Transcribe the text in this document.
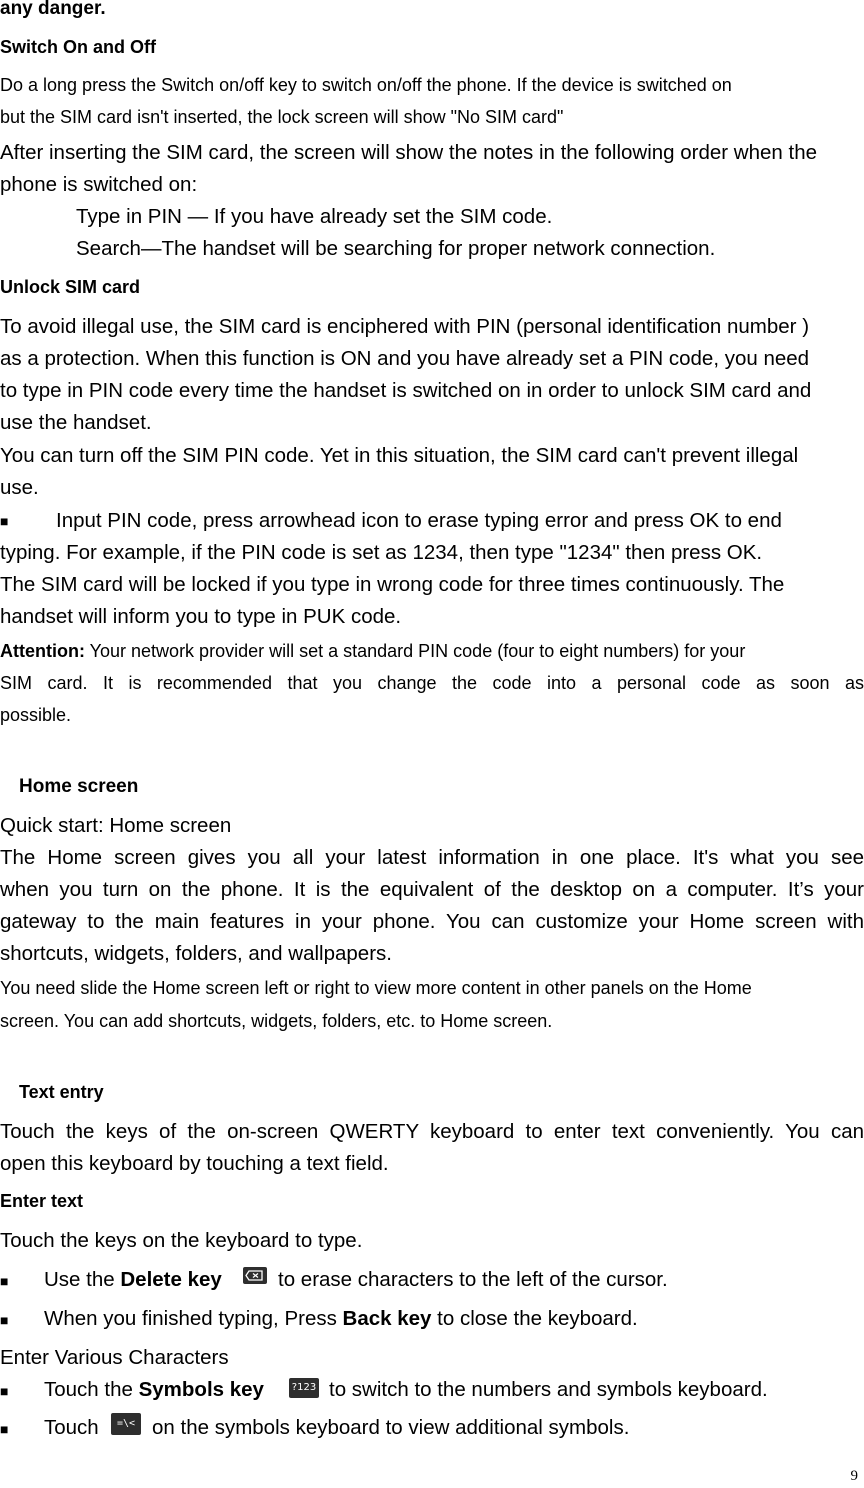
any danger.
Switch On and Off
Do a long press the Switch on/off key to switch on/off the phone. If the device is switched on
but the SIM card isn't inserted, the lock screen will show "No SIM card"
After inserting the SIM card, the screen will show the notes in the following order when the
phone is switched on:
Type in PIN — If you have already set the SIM code.
Search—The handset will be searching for proper network connection.
Unlock SIM card
To avoid illegal use, the SIM card is enciphered with PIN (personal identification number )
as a protection. When this function is ON and you have already set a PIN code, you need
to type in PIN code every time the handset is switched on in order to unlock SIM card and
use the handset.
You can turn off the SIM PIN code. Yet in this situation, the SIM card can't prevent illegal
use.
■ Input PIN code, press arrowhead icon to erase typing error and press OK to end
typing. For example, if the PIN code is set as 1234, then type "1234" then press OK.
The SIM card will be locked if you type in wrong code for three times continuously. The
handset will inform you to type in PUK code.
Attention: Your network provider will set a standard PIN code (four to eight numbers) for your
SIM card. It is recommended that you change the code into a personal code as soon as
possible.
Home screen
Quick start: Home screen
The Home screen gives you all your latest information in one place. It's what you see
when you turn on the phone. It is the equivalent of the desktop on a computer. It’s your
gateway to the main features in your phone. You can customize your Home screen with
shortcuts, widgets, folders, and wallpapers.
You need slide the Home screen left or right to view more content in other panels on the Home
screen. You can add shortcuts, widgets, folders, etc. to Home screen.
Text entry
Touch the keys of the on-screen QWERTY keyboard to enter text conveniently. You can
open this keyboard by touching a text field.
Enter text
Touch the keys on the keyboard to type.
■ Use the Delete key	to erase characters to the left of the cursor.
■ When you finished typing, Press Back key to close the keyboard.
Enter Various Characters
■ Touch the Symbols key	?123 to switch to the numbers and symbols keyboard.
■ Touch	=\< on the symbols keyboard to view additional symbols.
9
